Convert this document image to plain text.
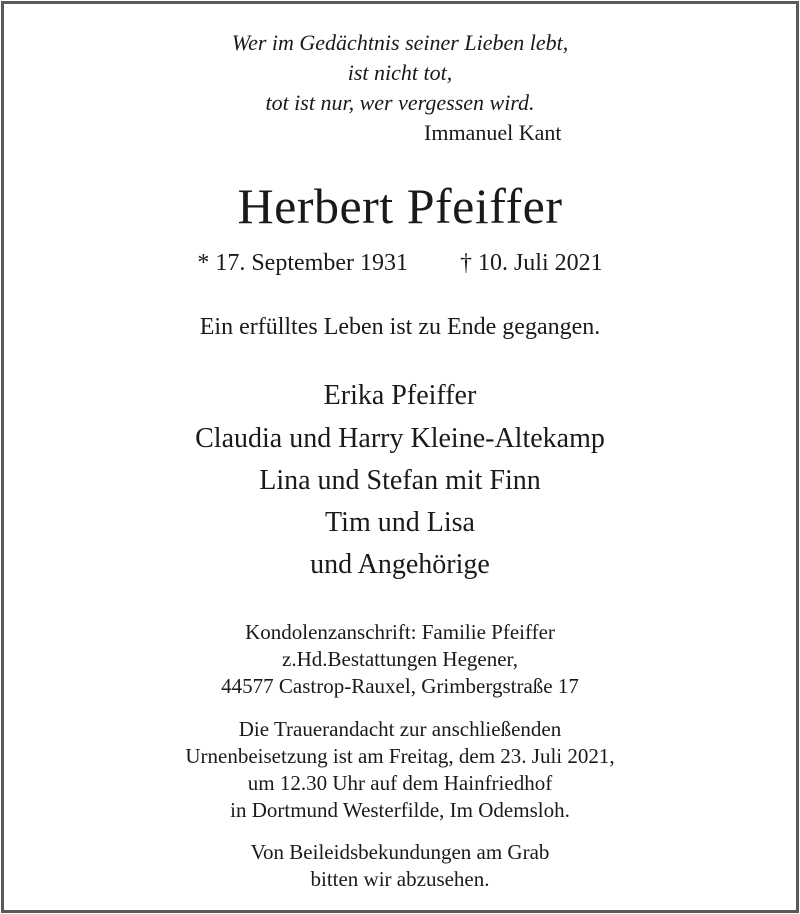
Wer im Gedächtnis seiner Lieben lebt,
ist nicht tot,
tot ist nur, wer vergessen wird.
Immanuel Kant
Herbert Pfeiffer
* 17. September 1931 † 10. Juli 2021
Ein erfülltes Leben ist zu Ende gegangen.
Erika Pfeiffer
Claudia und Harry Kleine-Altekamp
Lina und Stefan mit Finn
Tim und Lisa
und Angehörige
Kondolenzanschrift: Familie Pfeiffer
z.Hd.Bestattungen Hegener,
44577 Castrop-Rauxel, Grimbergstraße 17
Die Trauerandacht zur anschließenden
Urnenbeisetzung ist am Freitag, dem 23. Juli 2021,
um 12.30 Uhr auf dem Hainfriedhof
in Dortmund Westerfilde, Im Odemsloh.
Von Beileidsbekundungen am Grab
bitten wir abzusehen.
